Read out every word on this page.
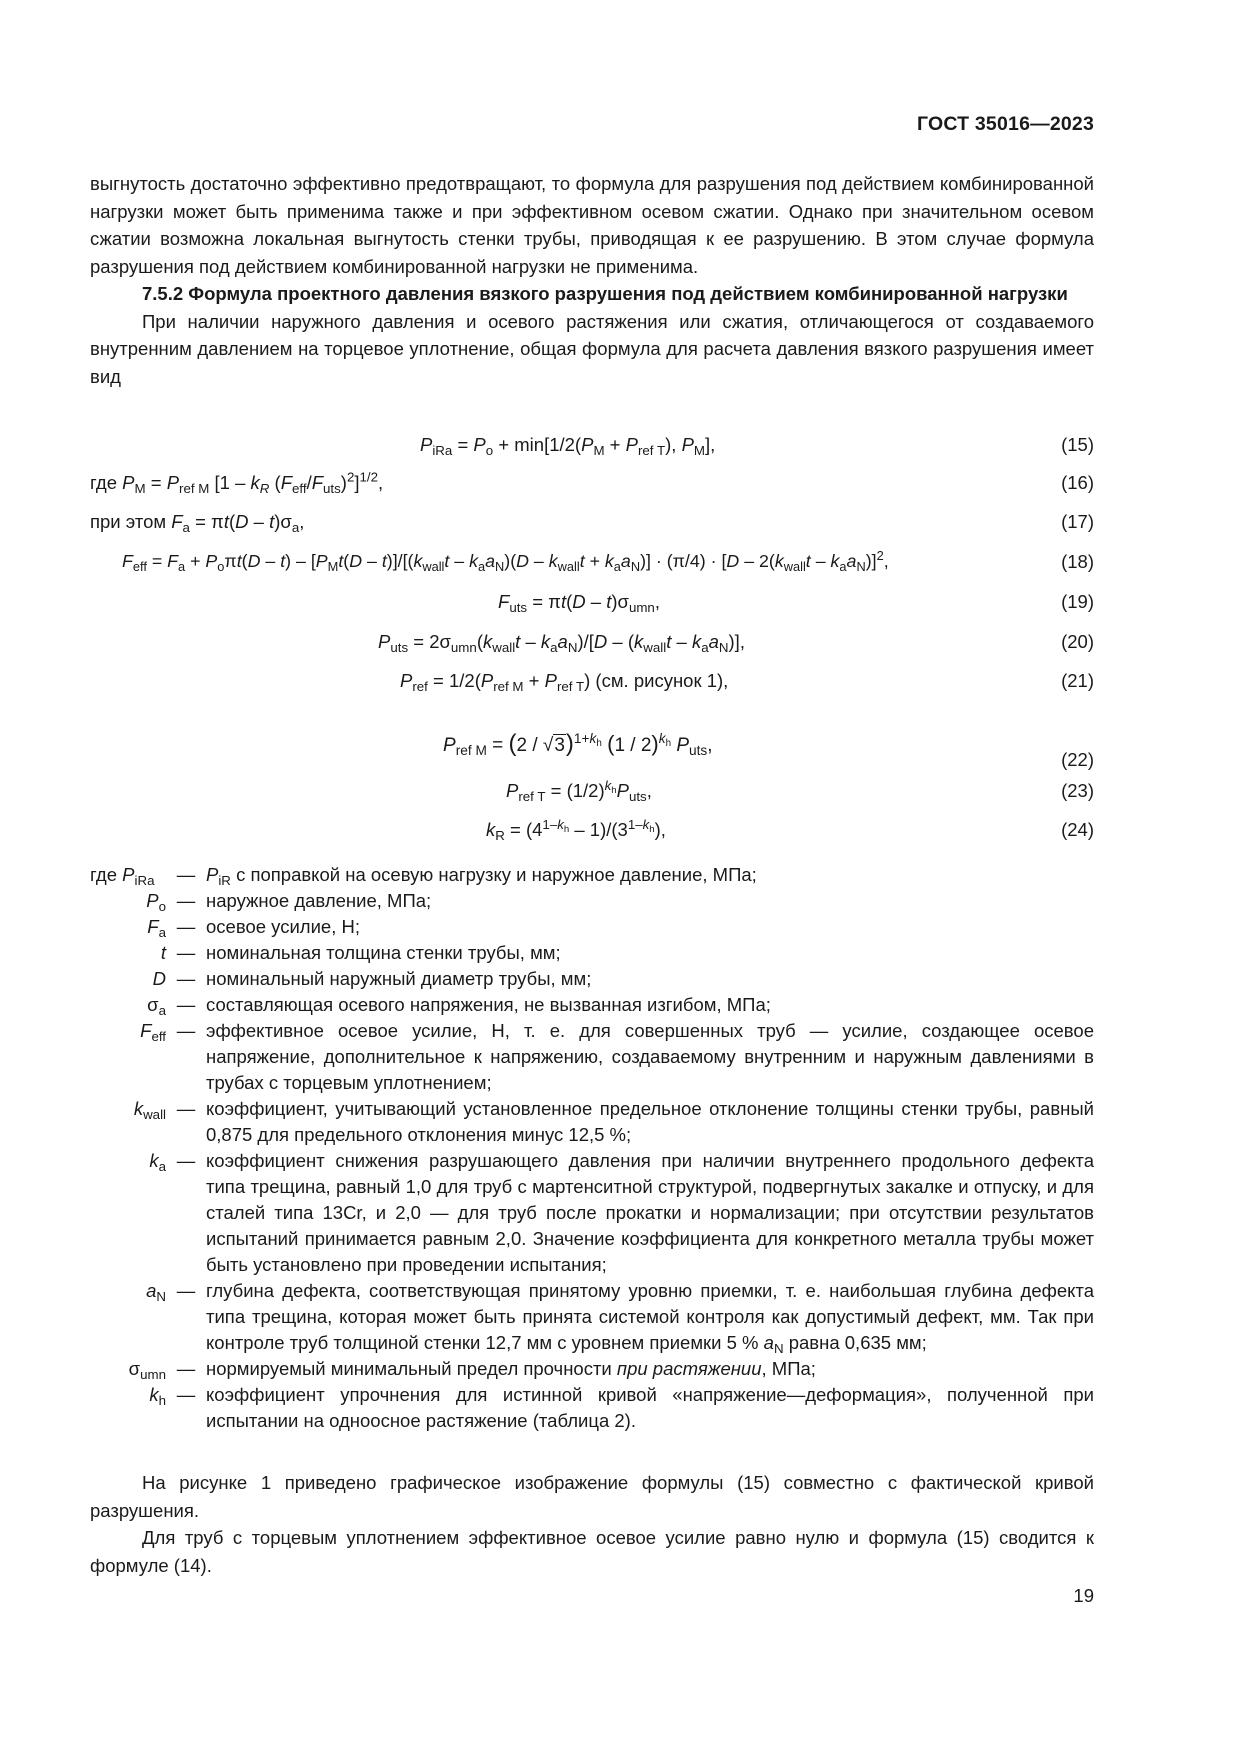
ГОСТ 35016—2023

выгнутость достаточно эффективно предотвращают, то формула для разрушения под действием комбинированной нагрузки может быть применима также и при эффективном осевом сжатии. Однако при значительном осевом сжатии возможна локальная выгнутость стенки трубы, приводящая к ее разрушению. В этом случае формула разрушения под действием комбинированной нагрузки не применима.

7.5.2 Формула проектного давления вязкого разрушения под действием комбинированной нагрузки

При наличии наружного давления и осевого растяжения или сжатия, отличающегося от создаваемого внутренним давлением на торцевое уплотнение, общая формула для расчета давления вязкого разрушения имеет вид

$P_{iRa} = P_o + \min[1/2(P_M + P_{ref T})$, $P_M$],	(15)
где $P_M = P_{ref M}$ [$1 - k_R$ $(F_{eff}/F_{uts})^2]^{1/2}$,	(16)
при этом $F_a = \pi t(D - t)\sigma_a$,	(17)
$F_{eff} = F_a + P_o\pi t(D - t) - [P_Mt(D - t)]/[(k_{wall}t - k_aa_N)(D - k_{wall}t + k_aa_N)] \cdot (\pi/4) \cdot [D - 2(k_{wall}t - k_aa_N)]^2$,	(18)
$F_{uts} = \pi t(D - t)\sigma_{umn}$,	(19)
$P_{uts} = 2\sigma_{umn}(k_{wall}t - k_aa_N)/[D - (k_{wall}t - k_aa_N)]$,	(20)
$P_{ref} = 1/2(P_{ref M} + P_{ref T})$ (см. рисунок 1),	(21)
$P_{ref M} = (2 / √3)^{1+k_h}$ (1 / 2)$^{k_h}$ $P_{uts}$,
(22)
$P_{ref T} = (1/2)^{k_h}P_{uts}$,	(23)
$k_R = (4^{1-k_h} - 1)/(3^{1-k_h})$,	(24)
где $P_{iRa}$	— $P_{iR}$ с поправкой на осевую нагрузку и наружное давление, МПа;
$P_o$ — наружное давление, МПа;
$F_a$ — осевое усилие, Н;
t — номинальная толщина стенки трубы, мм;
D — номинальный наружный диаметр трубы, мм;
$\sigma_a$ — составляющая осевого напряжения, не вызванная изгибом, МПа;
$F_{eff}$ — эффективное осевое усилие, Н, т. е. для совершенных труб — усилие, создающее осевое напряжение, дополнительное к напряжению, создаваемому внутренним и наружным давлениями в трубах с торцевым уплотнением;
$k_{wall}$ — коэффициент, учитывающий установленное предельное отклонение толщины стенки трубы, равный 0,875 для предельного отклонения минус 12,5 %;
$k_a$ — коэффициент снижения разрушающего давления при наличии внутреннего продольного дефекта типа трещина, равный 1,0 для труб с мартенситной структурой, подвергнутых закалке и отпуску, и для сталей типа 13Cr, и 2,0 — для труб после прокатки и нормализации; при отсутствии результатов испытаний принимается равным 2,0. Значение коэффициента для конкретного металла трубы может быть установлено при проведении испытания;
$a_N$ — глубина дефекта, соответствующая принятому уровню приемки, т. е. наибольшая глубина дефекта типа трещина, которая может быть принята системой контроля как допустимый дефект, мм. Так при контроле труб толщиной стенки 12,7 мм с уровнем приемки 5 % $a_N$ равна 0,635 мм;
$\sigma_{umn}$ — нормируемый минимальный предел прочности при растяжении, МПа;
$k_h$ — коэффициент упрочнения для истинной кривой «напряжение—деформация», полученной при испытании на одноосное растяжение (таблица 2).

На рисунке 1 приведено графическое изображение формулы (15) совместно с фактической кривой разрушения.

Для труб с торцевым уплотнением эффективное осевое усилие равно нулю и формула (15) сводится к формуле (14).

19
